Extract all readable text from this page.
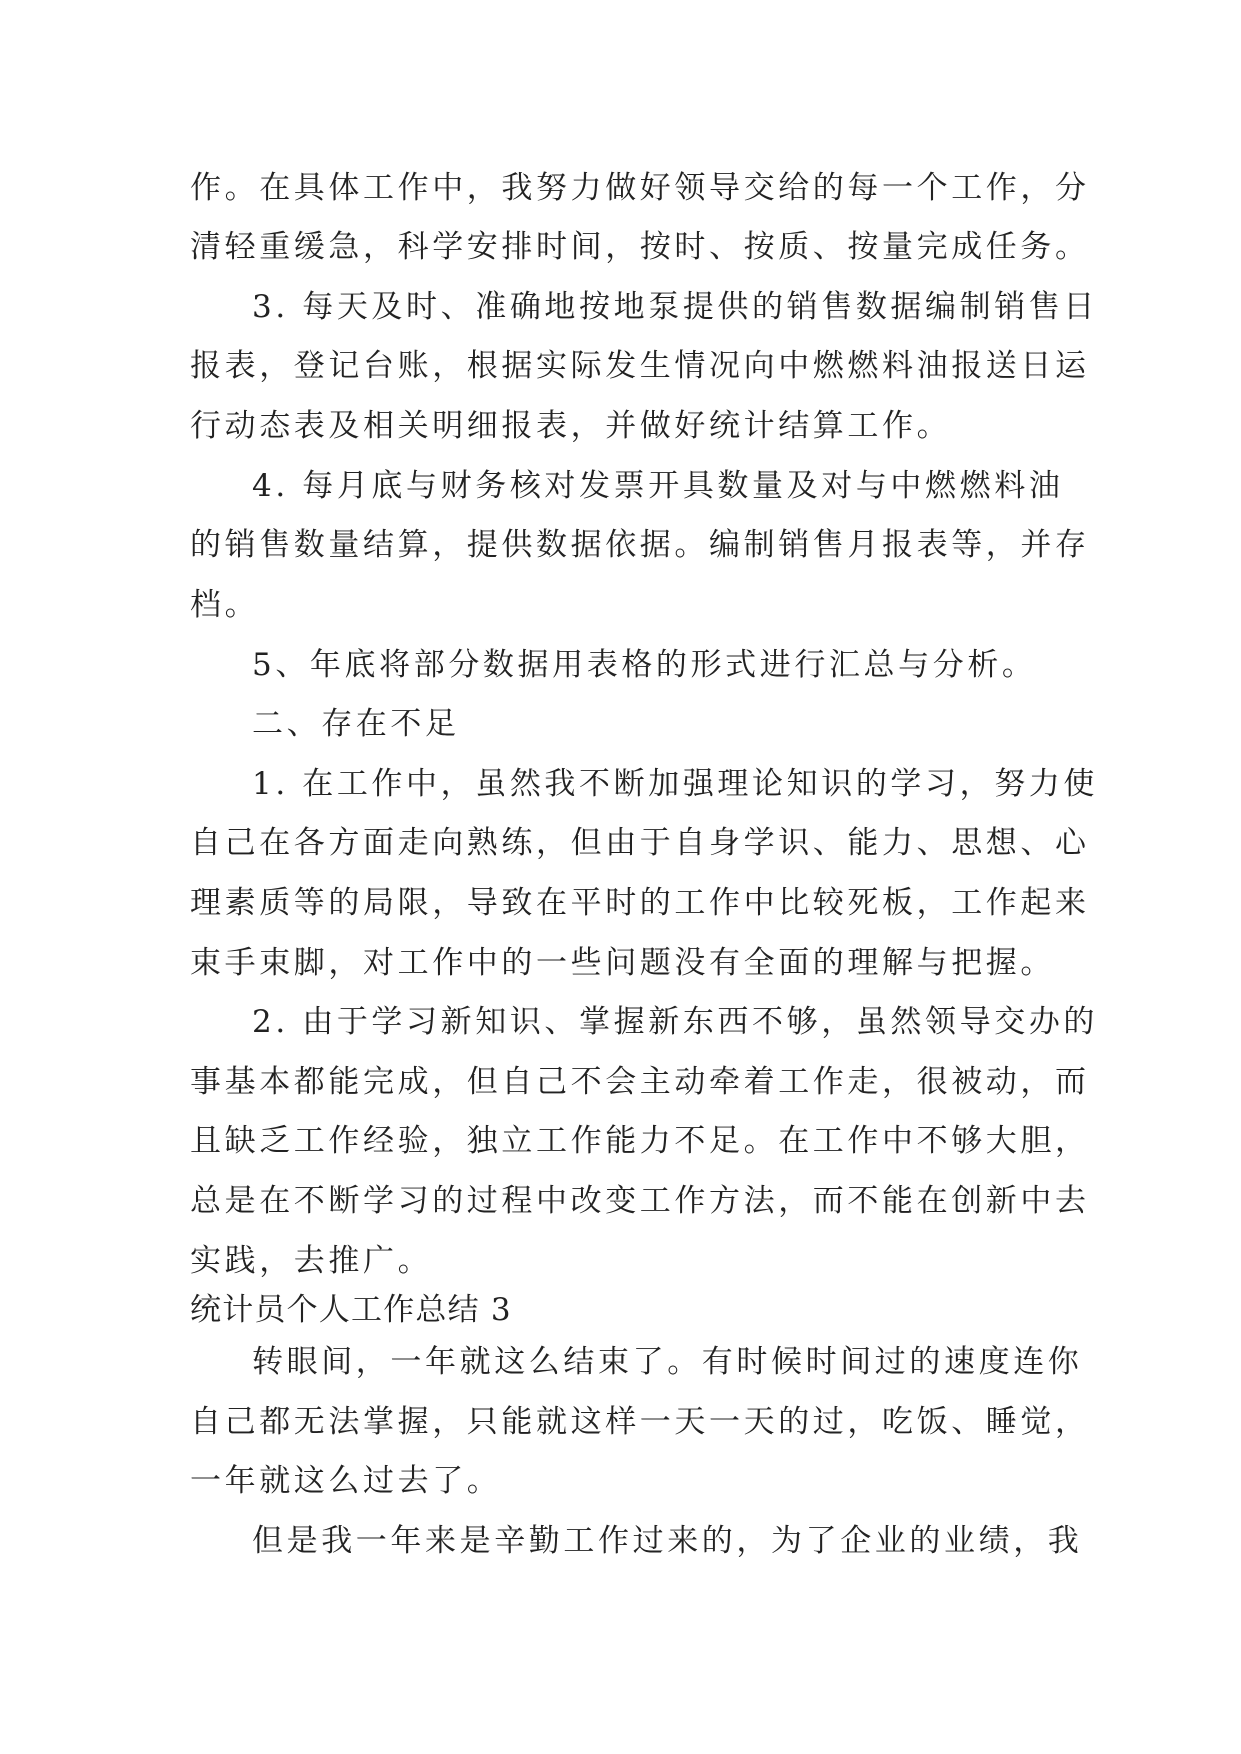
作。在具体工作中，我努力做好领导交给的每一个工作，分
清轻重缓急，科学安排时间，按时、按质、按量完成任务。
3. 每天及时、准确地按地泵提供的销售数据编制销售日
报表，登记台账，根据实际发生情况向中燃燃料油报送日运
行动态表及相关明细报表，并做好统计结算工作。
4. 每月底与财务核对发票开具数量及对与中燃燃料油
的销售数量结算，提供数据依据。编制销售月报表等，并存
档。
5、年底将部分数据用表格的形式进行汇总与分析。
二、存在不足
1. 在工作中，虽然我不断加强理论知识的学习，努力使
自己在各方面走向熟练，但由于自身学识、能力、思想、心
理素质等的局限，导致在平时的工作中比较死板，工作起来
束手束脚，对工作中的一些问题没有全面的理解与把握。
2. 由于学习新知识、掌握新东西不够，虽然领导交办的
事基本都能完成，但自己不会主动牵着工作走，很被动，而
且缺乏工作经验，独立工作能力不足。在工作中不够大胆，
总是在不断学习的过程中改变工作方法，而不能在创新中去
实践，去推广。
统计员个人工作总结 3
转眼间，一年就这么结束了。有时候时间过的速度连你
自己都无法掌握，只能就这样一天一天的过，吃饭、睡觉，
一年就这么过去了。
但是我一年来是辛勤工作过来的，为了企业的业绩，我
